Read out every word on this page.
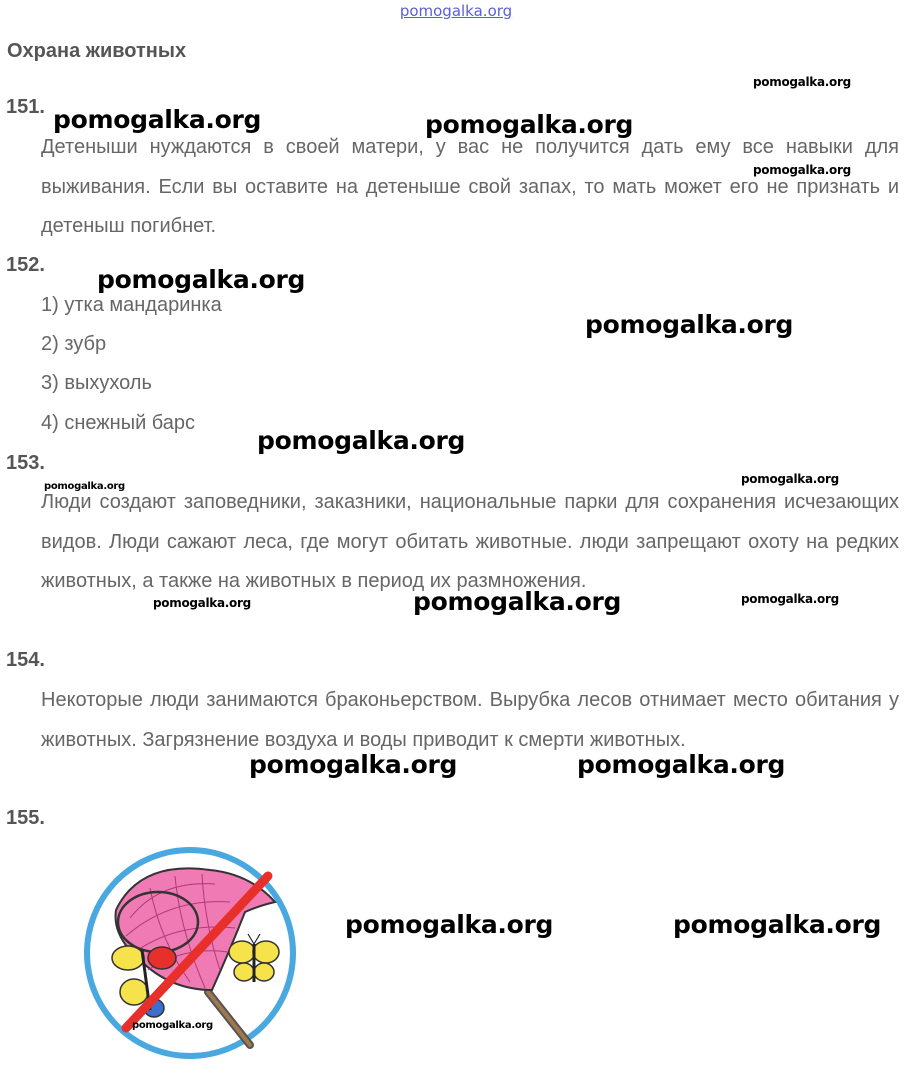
pomogalka.org
Охрана животных
151.
Детеныши нуждаются в своей матери, у вас не получится дать ему все навыки для выживания. Если вы оставите на детеныше свой запах, то мать может его не признать и детеныш погибнет.
152.
1) утка мандаринка
2) зубр
3) выхухоль
4) снежный барс
153.
Люди создают заповедники, заказники, национальные парки для сохранения исчезающих видов. Люди сажают леса, где могут обитать животные. люди запрещают охоту на редких животных, а также на животных в период их размножения.
154.
Некоторые люди занимаются браконьерством. Вырубка лесов отнимает место обитания у животных. Загрязнение воздуха и воды приводит к смерти животных.
155.
pomogalka.org
pomogalka.org	pomogalka.org
pomogalka.org
pomogalka.org
pomogalka.org
pomogalka.org
pomogalka.org
pomogalka.org
pomogalka.org	pomogalka.org	pomogalka.org
pomogalka.org	pomogalka.org
pomogalka.org	pomogalka.org
pomogalka.org
